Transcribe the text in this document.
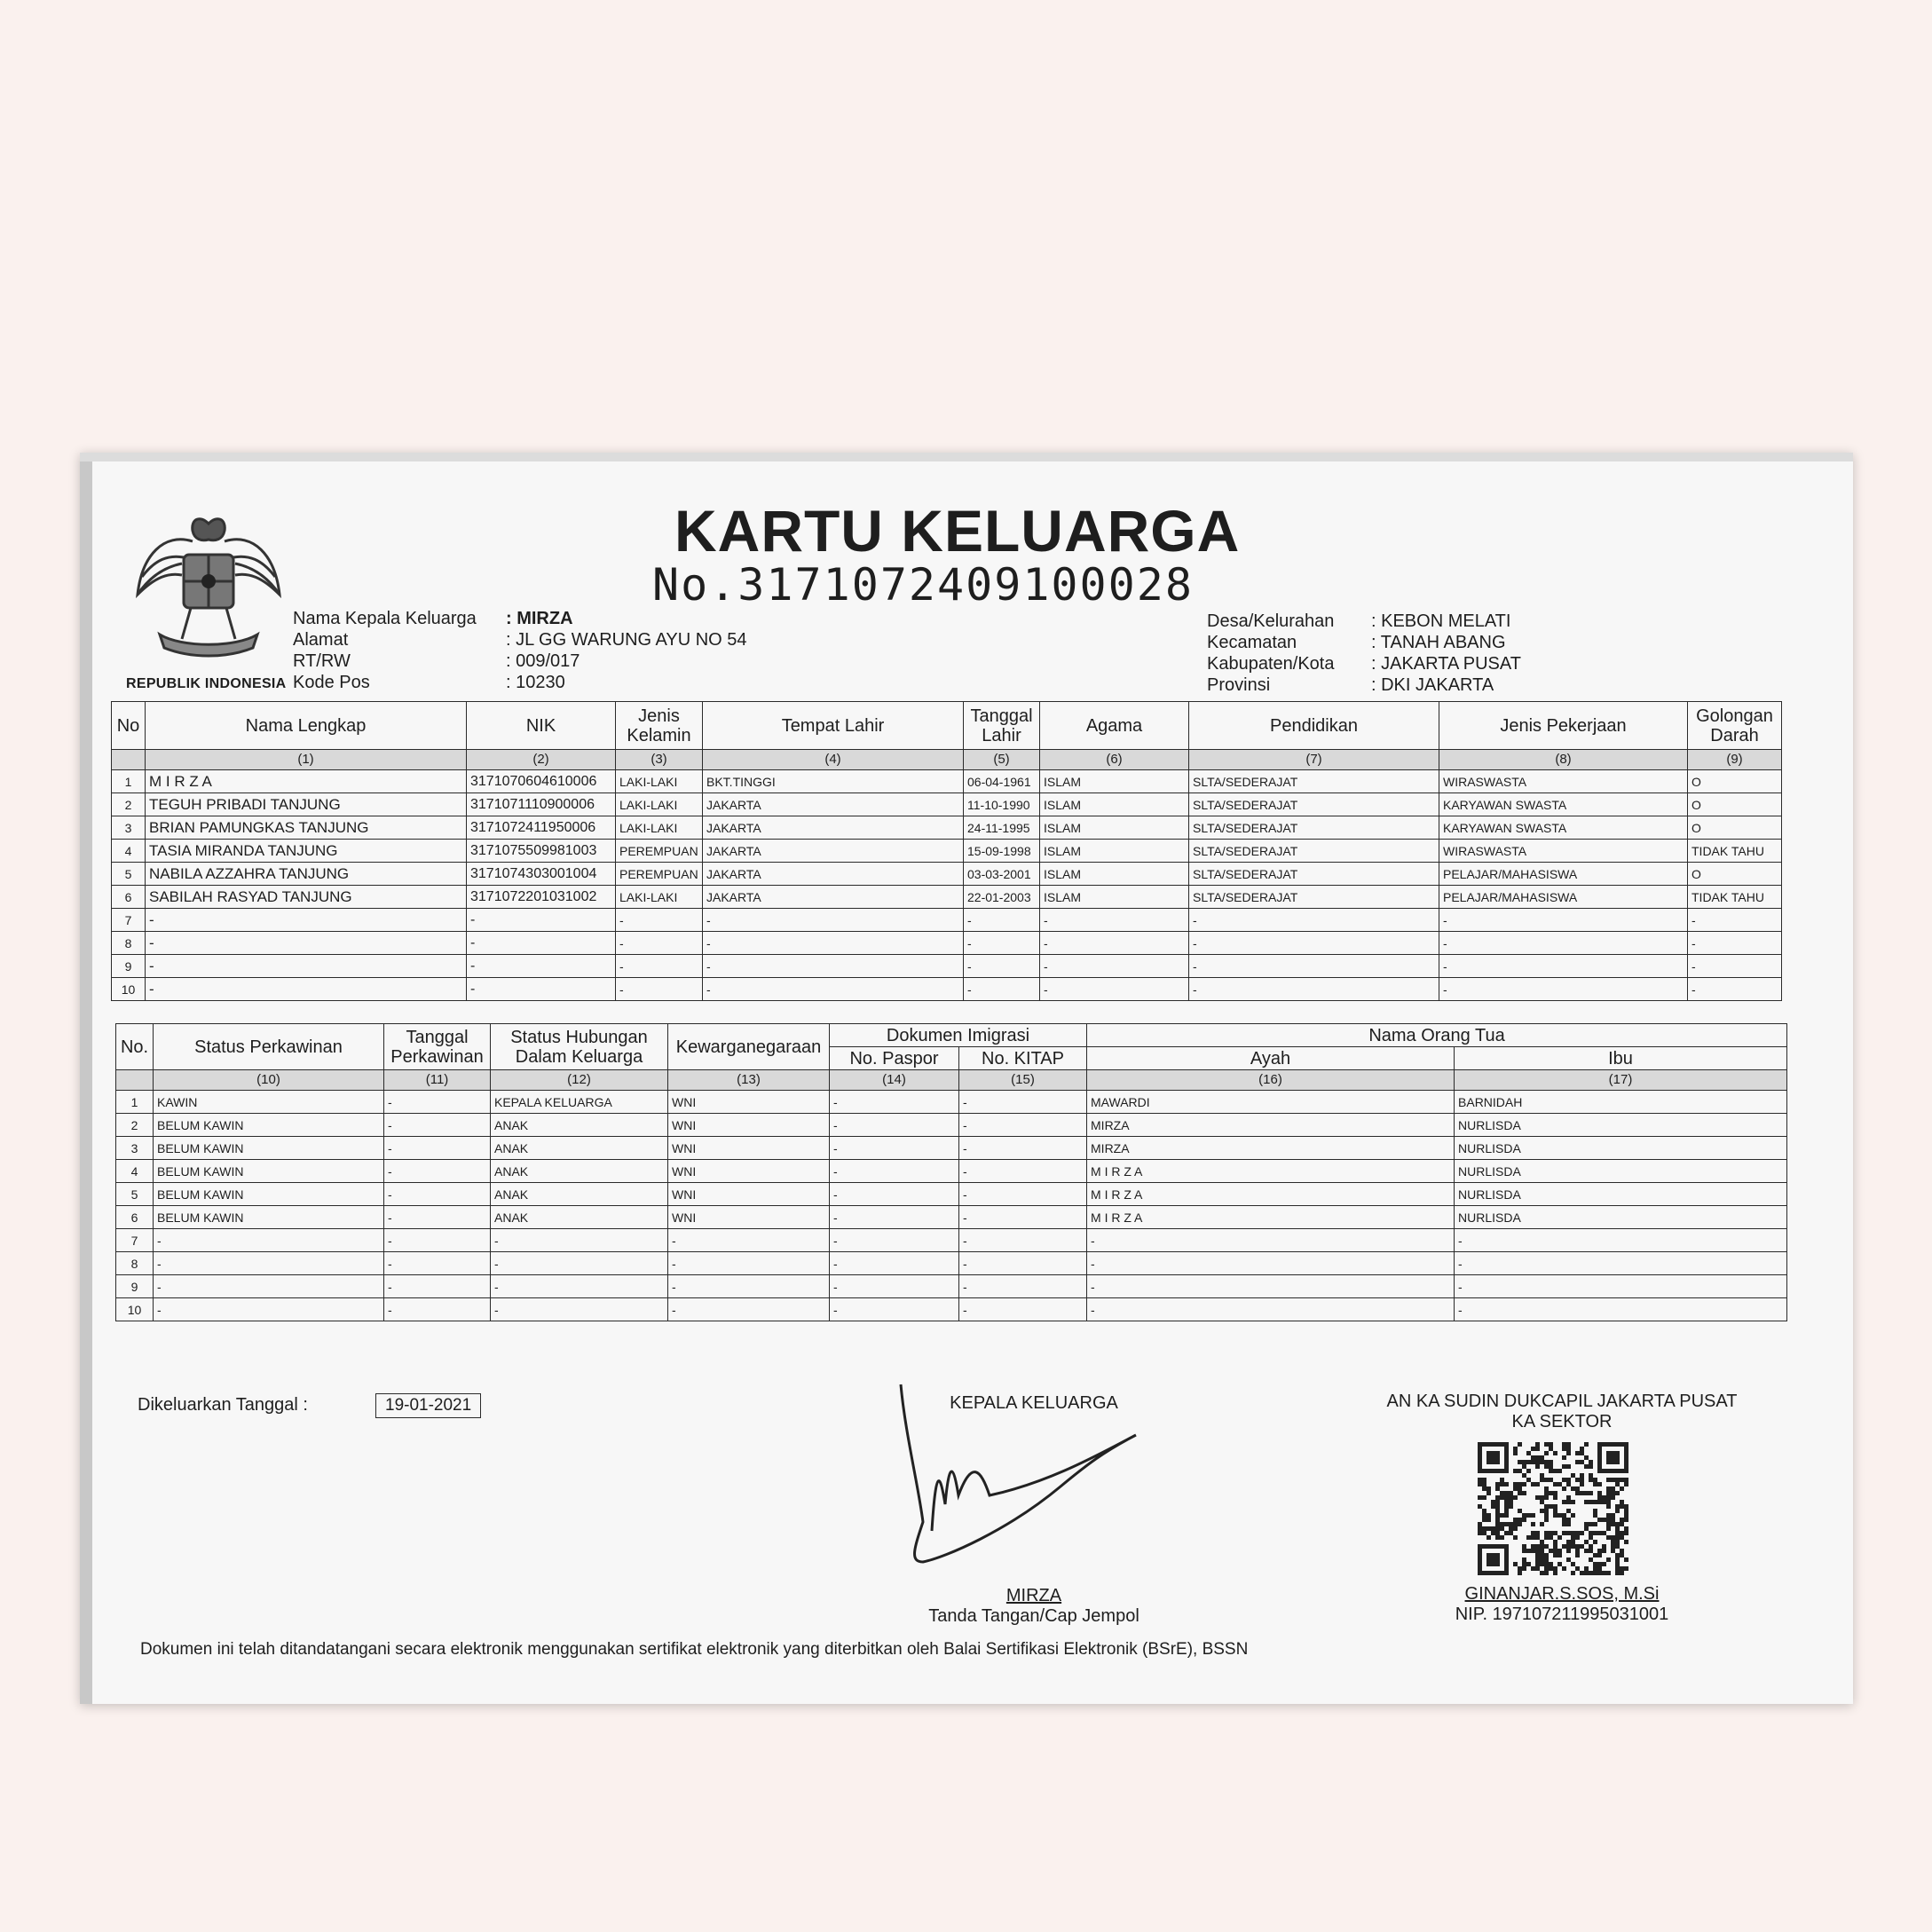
REPUBLIK INDONESIA
KARTU KELUARGA
No.3171072409100028
Nama Kepala Keluarga : MIRZA
Alamat	: JL GG WARUNG AYU NO 54
RT/RW	: 009/017
Kode Pos	: 10230
Desa/Kelurahan : KEBON MELATI
Kecamatan	: TANAH ABANG
Kabupaten/Kota : JAKARTA PUSAT
Provinsi	: DKI JAKARTA
No	Nama Lengkap	NIK	Jenis Kelamin	Tempat Lahir	Tanggal Lahir	Agama	Pendidikan	Jenis Pekerjaan	Golongan Darah
	(1)	(2)	(3)	(4)	(5)	(6)	(7)	(8)	(9)
1	M I R Z A	3171070604610006	LAKI-LAKI	BKT.TINGGI	06-04-1961	ISLAM	SLTA/SEDERAJAT	WIRASWASTA	O
2	TEGUH PRIBADI TANJUNG	3171071110900006	LAKI-LAKI	JAKARTA	11-10-1990	ISLAM	SLTA/SEDERAJAT	KARYAWAN SWASTA	O
3	BRIAN PAMUNGKAS TANJUNG	3171072411950006	LAKI-LAKI	JAKARTA	24-11-1995	ISLAM	SLTA/SEDERAJAT	KARYAWAN SWASTA	O
4	TASIA MIRANDA TANJUNG	3171075509981003	PEREMPUAN	JAKARTA	15-09-1998	ISLAM	SLTA/SEDERAJAT	WIRASWASTA	TIDAK TAHU
5	NABILA AZZAHRA TANJUNG	3171074303001004	PEREMPUAN	JAKARTA	03-03-2001	ISLAM	SLTA/SEDERAJAT	PELAJAR/MAHASISWA	O
6	SABILAH RASYAD TANJUNG	3171072201031002	LAKI-LAKI	JAKARTA	22-01-2003	ISLAM	SLTA/SEDERAJAT	PELAJAR/MAHASISWA	TIDAK TAHU
7	-	-	-	-	-	-	-	-	-
8	-	-	-	-	-	-	-	-	-
9	-	-	-	-	-	-	-	-	-
10	-	-	-	-	-	-	-	-	-
No.	Status Perkawinan	Tanggal Perkawinan	Status Hubungan Dalam Keluarga	Kewarganegaraan	Dokumen Imigrasi		Nama Orang Tua	
					No. Paspor	No. KITAP	Ayah	Ibu
	(10)	(11)	(12)	(13)	(14)	(15)	(16)	(17)
1	KAWIN	-	KEPALA KELUARGA	WNI	-	-	MAWARDI	BARNIDAH
2	BELUM KAWIN	-	ANAK	WNI	-	-	MIRZA	NURLISDA
3	BELUM KAWIN	-	ANAK	WNI	-	-	MIRZA	NURLISDA
4	BELUM KAWIN	-	ANAK	WNI	-	-	M I R Z A	NURLISDA
5	BELUM KAWIN	-	ANAK	WNI	-	-	M I R Z A	NURLISDA
6	BELUM KAWIN	-	ANAK	WNI	-	-	M I R Z A	NURLISDA
7	-	-	-	-	-	-	-	-
8	-	-	-	-	-	-	-	-
9	-	-	-	-	-	-	-	-
10	-	-	-	-	-	-	-	-
Dikeluarkan Tanggal :	19-01-2021	KEPALA KELUARGA
MIRZA
Tanda Tangan/Cap Jempol
AN KA SUDIN DUKCAPIL JAKARTA PUSAT
KA SEKTOR
GINANJAR.S.SOS, M.Si
NIP. 197107211995031001
Dokumen ini telah ditandatangani secara elektronik menggunakan sertifikat elektronik yang diterbitkan oleh Balai Sertifikasi Elektronik (BSrE), BSSN
